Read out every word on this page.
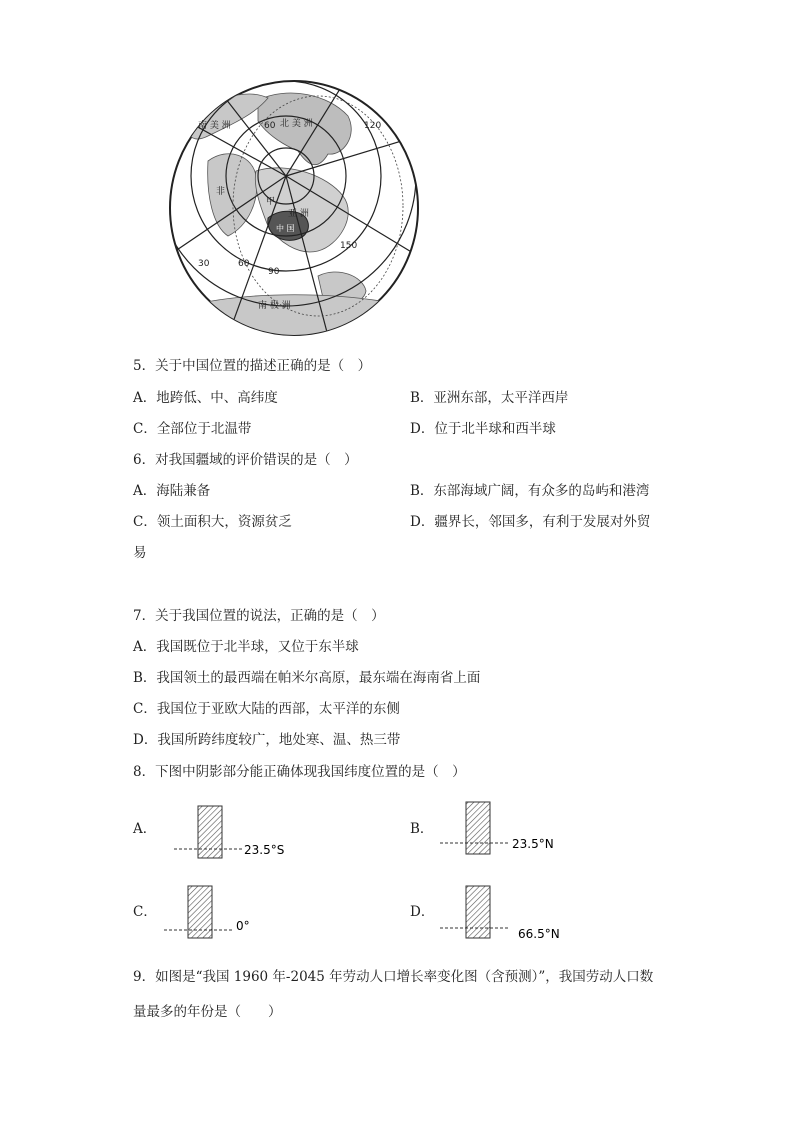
南 美 洲	北 美 洲
非
亚 洲
中 国
甲
南 极 洲
60
30
90
120
150
60
5．关于中国位置的描述正确的是（　）
A．地跨低、中、高纬度	B．亚洲东部，太平洋西岸
C．全部位于北温带	D．位于北半球和西半球
6．对我国疆域的评价错误的是（　）
A．海陆兼备	B．东部海域广阔，有众多的岛屿和港湾
C．领土面积大，资源贫乏	D．疆界长，邻国多，有利于发展对外贸
易
7．关于我国位置的说法，正确的是（　）
A．我国既位于北半球，又位于东半球
B．我国领土的最西端在帕米尔高原，最东端在海南省上面
C．我国位于亚欧大陆的西部，太平洋的东侧
D．我国所跨纬度较广，地处寒、温、热三带
8．下图中阴影部分能正确体现我国纬度位置的是（　）
A．
23.5°S
B．
23.5°N
C．
0°
D．
66.5°N
9．如图是“我国 1960 年-2045 年劳动人口增长率变化图（含预测）”，我国劳动人口数
量最多的年份是（　　）
